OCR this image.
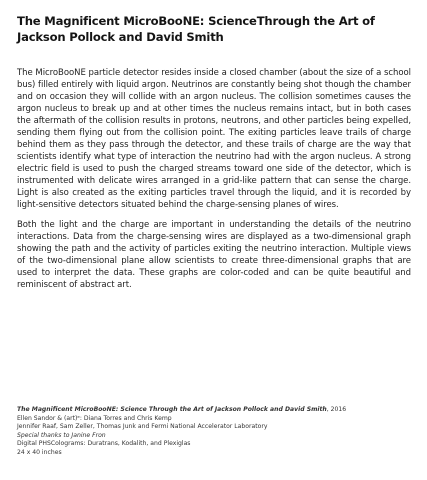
The Magnificent MicroBooNE: ScienceThrough the Art of Jackson Pollock and David Smith

The MicroBooNE particle detector resides inside a closed chamber (about the size of a school bus) filled entirely with liquid argon. Neutrinos are constantly being shot though the chamber and on occasion they will collide with an argon nucleus. The collision sometimes causes the argon nucleus to break up and at other times the nucleus remains intact, but in both cases the aftermath of the collision results in protons, neutrons, and other particles being expelled, sending them flying out from the collision point. The exiting particles leave trails of charge behind them as they pass through the detector, and these trails of charge are the way that scientists identify what type of interaction the neutrino had with the argon nucleus. A strong electric field is used to push the charged streams toward one side of the detector, which is instrumented with delicate wires arranged in a grid-like pattern that can sense the charge. Light is also created as the exiting particles travel through the liquid, and it is recorded by light-sensitive detectors situated behind the charge-sensing planes of wires.

Both the light and the charge are important in understanding the details of the neutrino interactions. Data from the charge-sensing wires are displayed as a two-dimensional graph showing the path and the activity of particles exiting the neutrino interaction. Multiple views of the two-dimensional plane allow scientists to create three-dimensional graphs that are used to interpret the data. These graphs are color-coded and can be quite beautiful and reminiscent of abstract art.

The Magnificent MicroBooNE: Science Through the Art of Jackson Pollock and David Smith, 2016
Ellen Sandor & (art)ᵉ: Diana Torres and Chris Kemp
Jennifer Raaf, Sam Zeller, Thomas Junk and Fermi National Accelerator Laboratory
Special thanks to Janine Fron
Digital PHSColograms: Duratrans, Kodalith, and Plexiglas
24 x 40 inches
